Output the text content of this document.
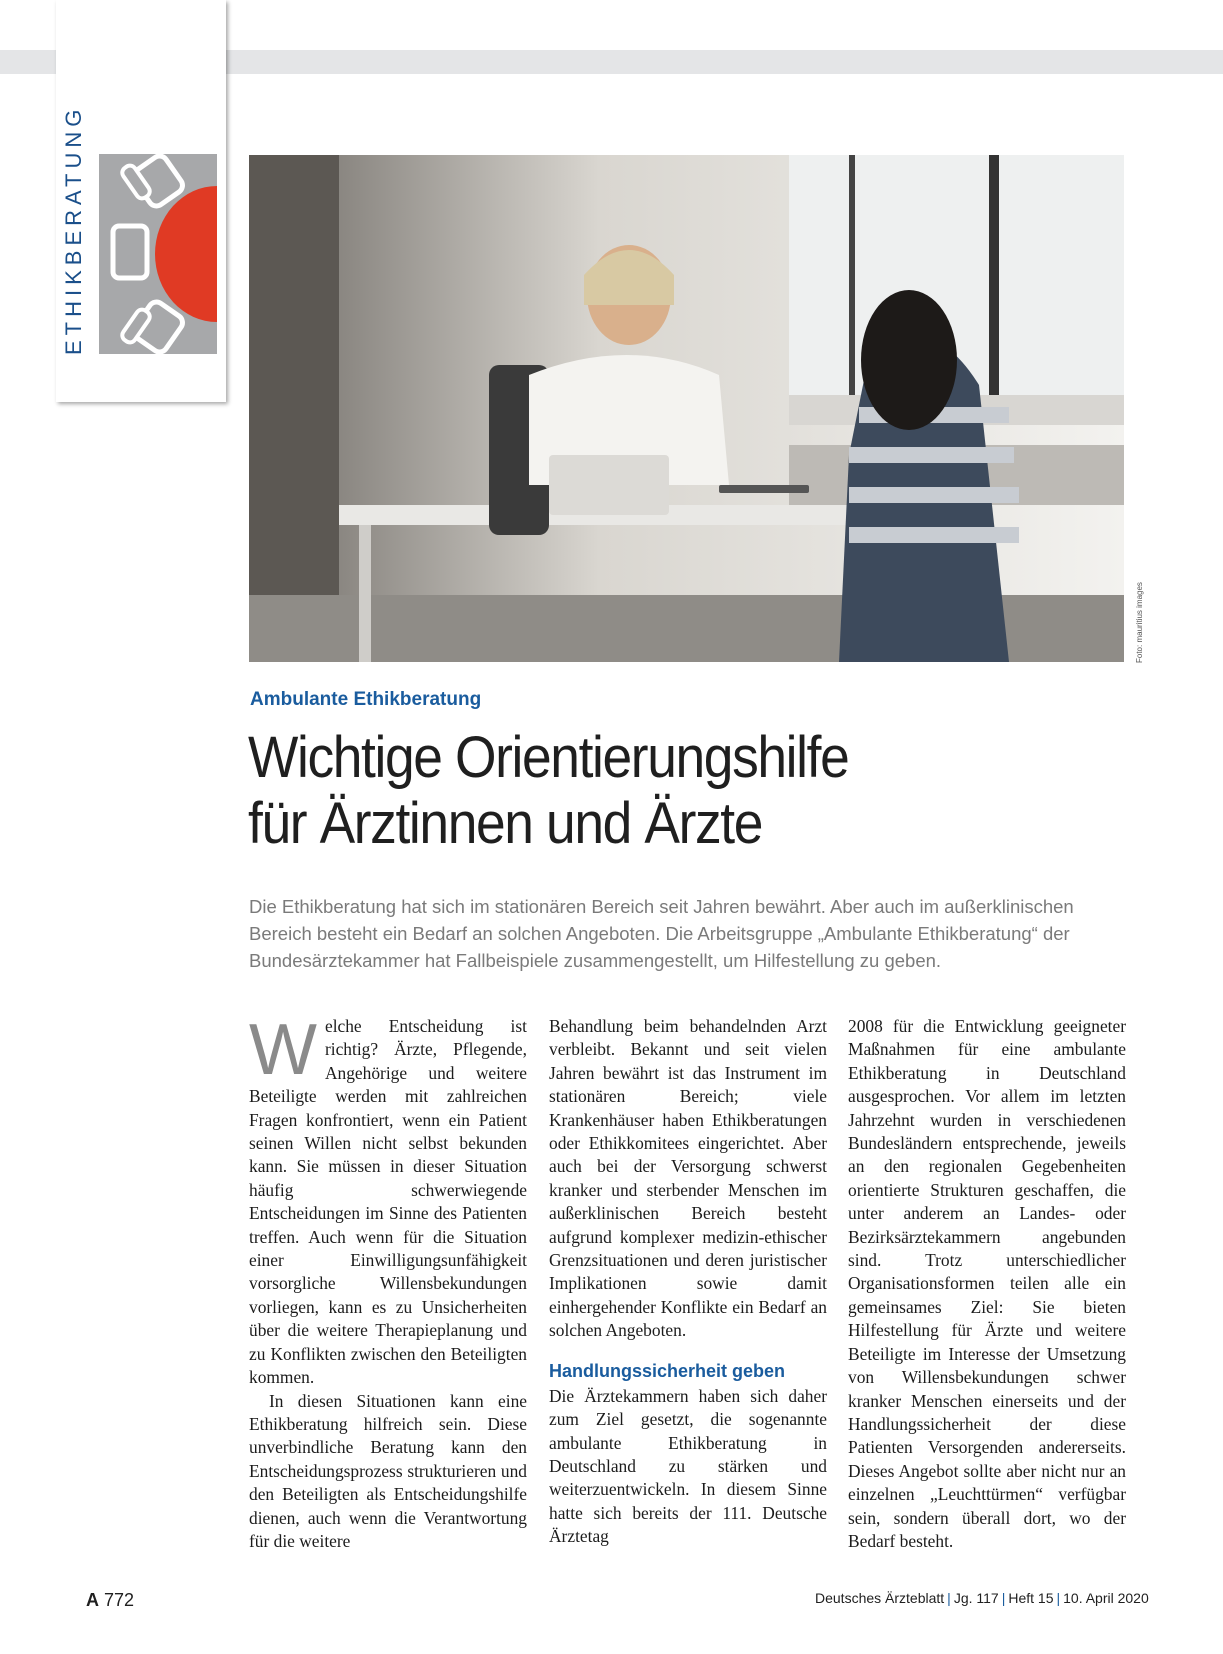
ETHIKBERATUNG
Foto: mauritius images
Ambulante Ethikberatung
Wichtige Orientierungshilfe
für Ärztinnen und Ärzte
Die Ethikberatung hat sich im stationären Bereich seit Jahren bewährt. Aber auch im außerklinischen Bereich besteht ein Bedarf an solchen Angeboten. Die Arbeitsgruppe „Ambulante Ethikberatung“ der Bundesärztekammer hat Fallbeispiele zusammengestellt, um Hilfestellung zu geben.

Welche Entscheidung ist richtig? Ärzte, Pflegende, Angehörige und weitere Beteiligte werden mit zahlreichen Fragen konfrontiert, wenn ein Patient seinen Willen nicht selbst bekunden kann. Sie müssen in dieser Situation häufig schwerwiegende Entscheidungen im Sinne des Patienten treffen. Auch wenn für die Situation einer Einwilligungsunfähigkeit vorsorgliche Willensbekundungen vorliegen, kann es zu Unsicherheiten über die weitere Therapieplanung und zu Konflikten zwischen den Beteiligten kommen.

In diesen Situationen kann eine Ethikberatung hilfreich sein. Diese unverbindliche Beratung kann den Entscheidungsprozess strukturieren und den Beteiligten als Entscheidungshilfe dienen, auch wenn die Verantwortung für die weitere

Behandlung beim behandelnden Arzt verbleibt. Bekannt und seit vielen Jahren bewährt ist das Instrument im stationären Bereich; viele Krankenhäuser haben Ethikberatungen oder Ethikkomitees eingerichtet. Aber auch bei der Versorgung schwerst kranker und sterbender Menschen im außerklinischen Bereich besteht aufgrund komplexer medizin-ethischer Grenzsituationen und deren juristischer Implikationen sowie damit einhergehender Konflikte ein Bedarf an solchen Angeboten.

Handlungssicherheit geben

Die Ärztekammern haben sich daher zum Ziel gesetzt, die sogenannte ambulante Ethikberatung in Deutschland zu stärken und weiterzuentwickeln. In diesem Sinne hatte sich bereits der 111. Deutsche Ärztetag

2008 für die Entwicklung geeigneter Maßnahmen für eine ambulante Ethikberatung in Deutschland ausgesprochen. Vor allem im letzten Jahrzehnt wurden in verschiedenen Bundesländern entsprechende, jeweils an den regionalen Gegebenheiten orientierte Strukturen geschaffen, die unter anderem an Landes- oder Bezirksärztekammern angebunden sind. Trotz unterschiedlicher Organisationsformen teilen alle ein gemeinsames Ziel: Sie bieten Hilfestellung für Ärzte und weitere Beteiligte im Interesse der Umsetzung von Willensbekundungen schwer kranker Menschen einerseits und der Handlungssicherheit der diese Patienten Versorgenden andererseits. Dieses Angebot sollte aber nicht nur an einzelnen „Leuchttürmen“ verfügbar sein, sondern überall dort, wo der Bedarf besteht.

A 772	Deutsches Ärzteblatt | Jg. 117 | Heft 15 | 10. April 2020
